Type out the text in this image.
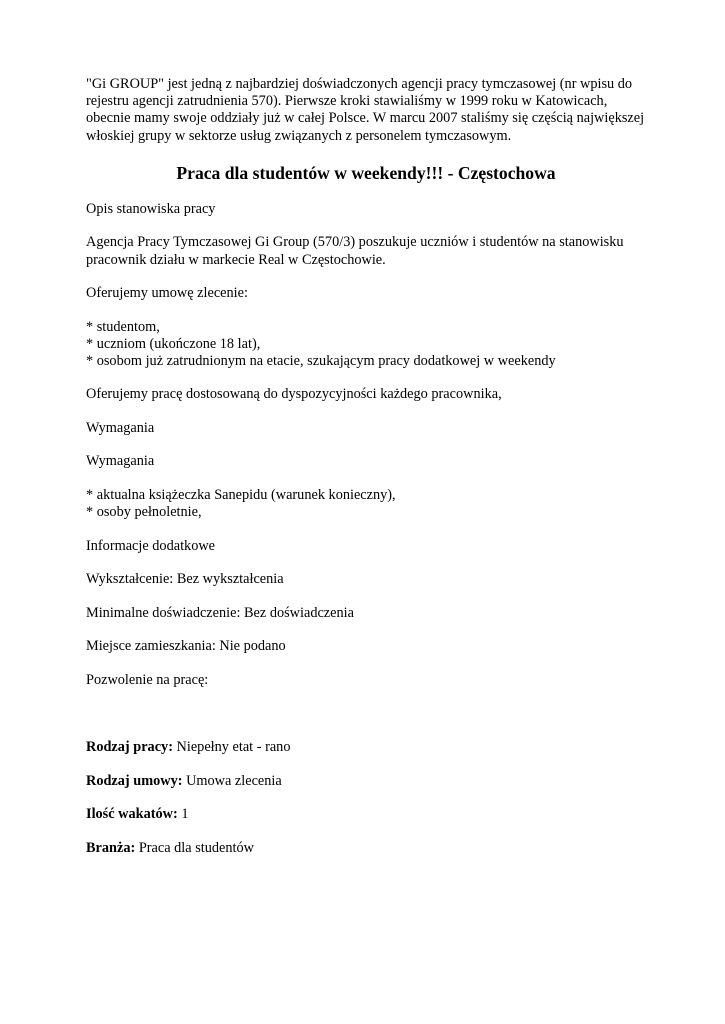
"Gi GROUP" jest jedną z najbardziej doświadczonych agencji pracy tymczasowej (nr wpisu do rejestru agencji zatrudnienia 570). Pierwsze kroki stawialiśmy w 1999 roku w Katowicach, obecnie mamy swoje oddziały już w całej Polsce. W marcu 2007 staliśmy się częścią największej włoskiej grupy w sektorze usług związanych z personelem tymczasowym.

Praca dla studentów w weekendy!!! - Częstochowa

Opis stanowiska pracy

Agencja Pracy Tymczasowej Gi Group (570/3) poszukuje uczniów i studentów na stanowisku pracownik działu w markecie Real w Częstochowie.

Oferujemy umowę zlecenie:

* studentom,
* uczniom (ukończone 18 lat),
* osobom już zatrudnionym na etacie, szukającym pracy dodatkowej w weekendy

Oferujemy pracę dostosowaną do dyspozycyjności każdego pracownika,

Wymagania

Wymagania

* aktualna książeczka Sanepidu (warunek konieczny),
* osoby pełnoletnie,

Informacje dodatkowe

Wykształcenie: Bez wykształcenia

Minimalne doświadczenie: Bez doświadczenia

Miejsce zamieszkania: Nie podano

Pozwolenie na pracę:

Rodzaj pracy: Niepełny etat - rano

Rodzaj umowy: Umowa zlecenia

Ilość wakatów: 1

Branża: Praca dla studentów
